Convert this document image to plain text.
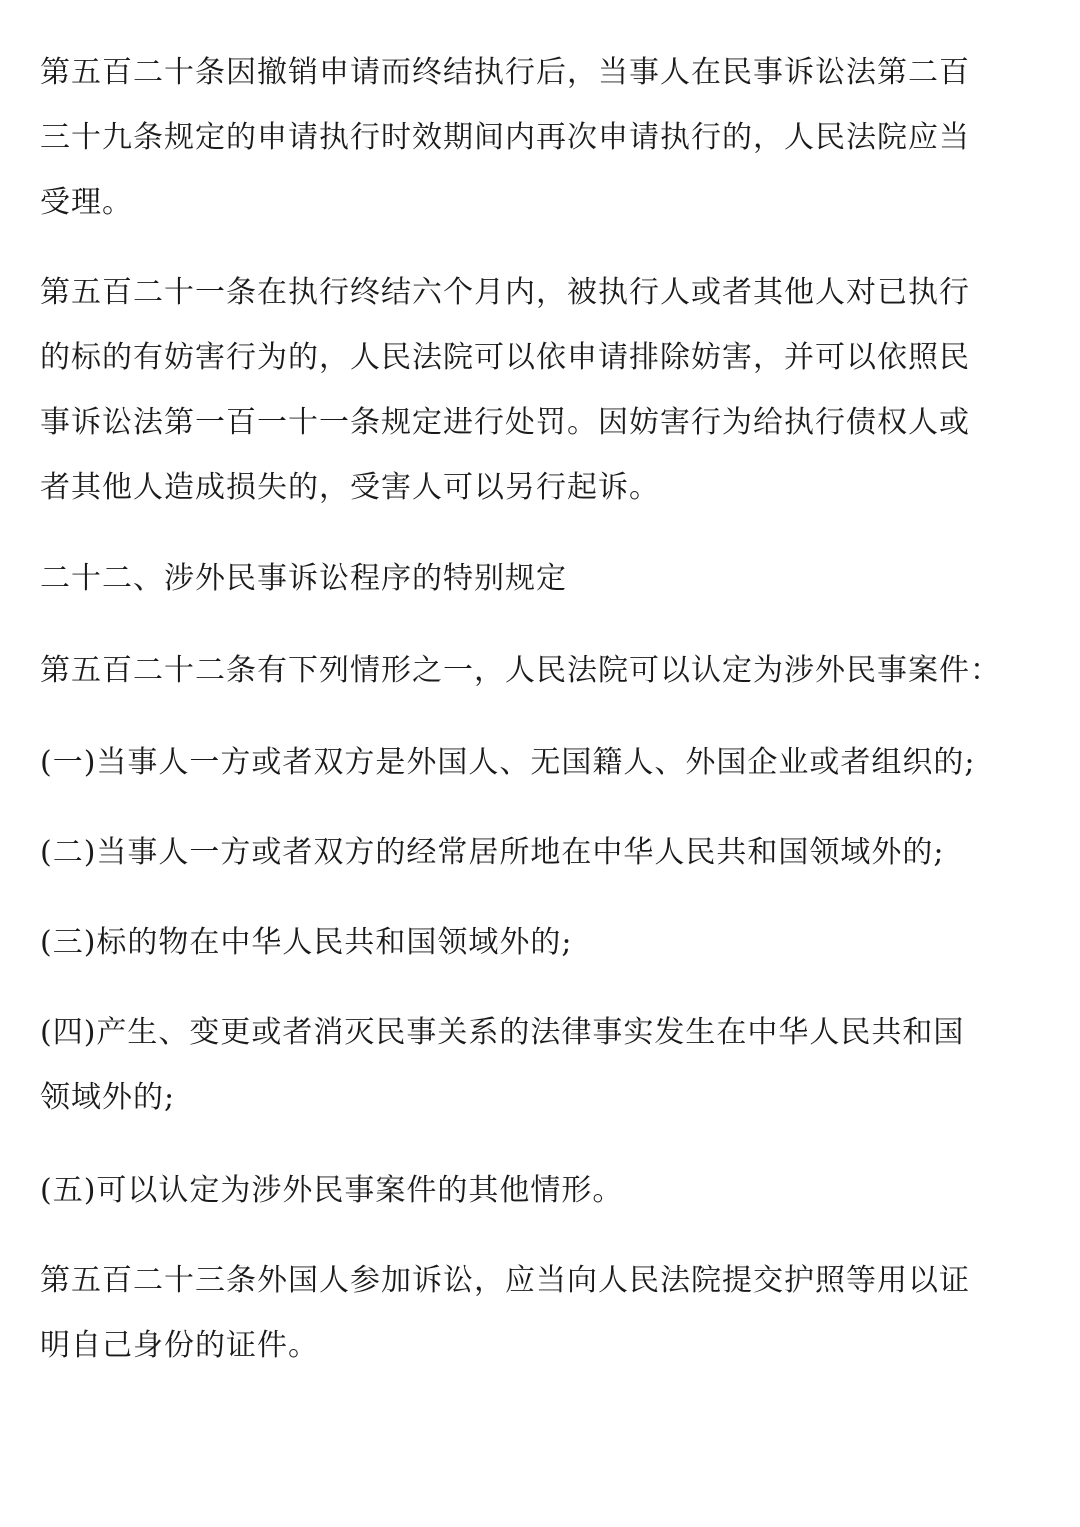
第五百二十条因撤销申请而终结执行后，当事人在民事诉讼法第二百
三十九条规定的申请执行时效期间内再次申请执行的，人民法院应当
受理。

第五百二十一条在执行终结六个月内，被执行人或者其他人对已执行
的标的有妨害行为的，人民法院可以依申请排除妨害，并可以依照民
事诉讼法第一百一十一条规定进行处罚。因妨害行为给执行债权人或
者其他人造成损失的，受害人可以另行起诉。

二十二、涉外民事诉讼程序的特别规定

第五百二十二条有下列情形之一，人民法院可以认定为涉外民事案件：

(一)当事人一方或者双方是外国人、无国籍人、外国企业或者组织的;

(二)当事人一方或者双方的经常居所地在中华人民共和国领域外的;

(三)标的物在中华人民共和国领域外的;

(四)产生、变更或者消灭民事关系的法律事实发生在中华人民共和国
领域外的;

(五)可以认定为涉外民事案件的其他情形。

第五百二十三条外国人参加诉讼，应当向人民法院提交护照等用以证
明自己身份的证件。
